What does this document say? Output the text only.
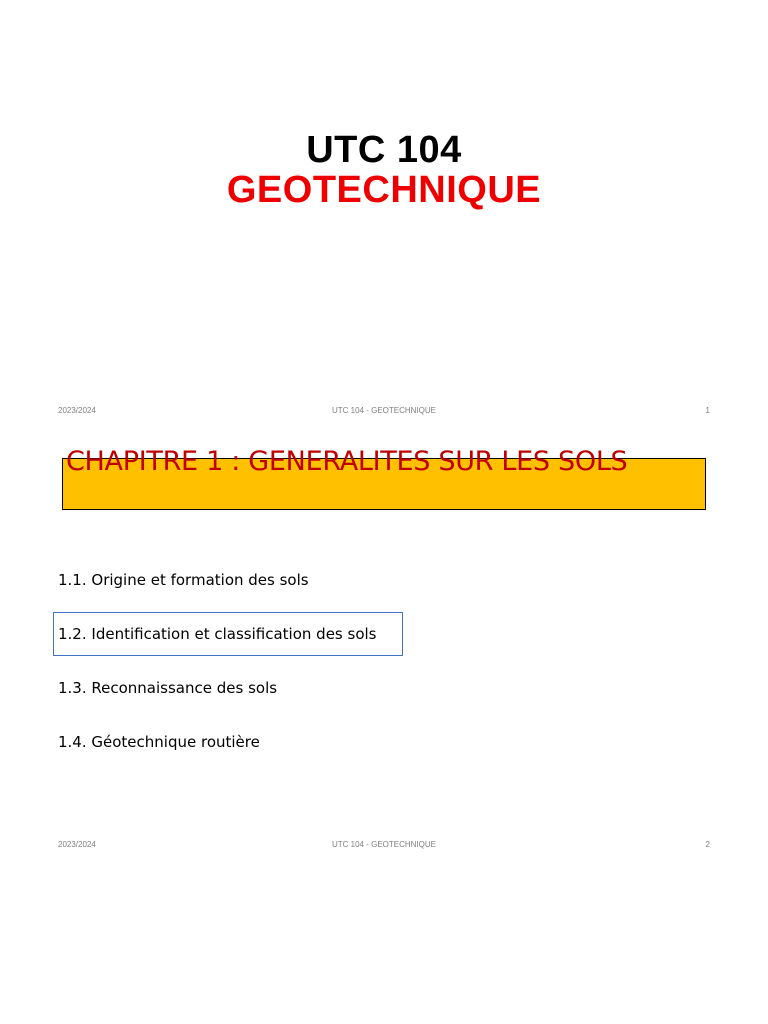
UTC 104
GEOTECHNIQUE
UTC 104 - GEOTECHNIQUE
2023/2024	1
CHAPITRE 1 : GENERALITES SUR LES SOLS
1.1. Origine et formation des sols
1.2. Identification et classification des sols
1.3. Reconnaissance des sols
1.4. Géotechnique routière
UTC 104 - GEOTECHNIQUE
2023/2024	2
